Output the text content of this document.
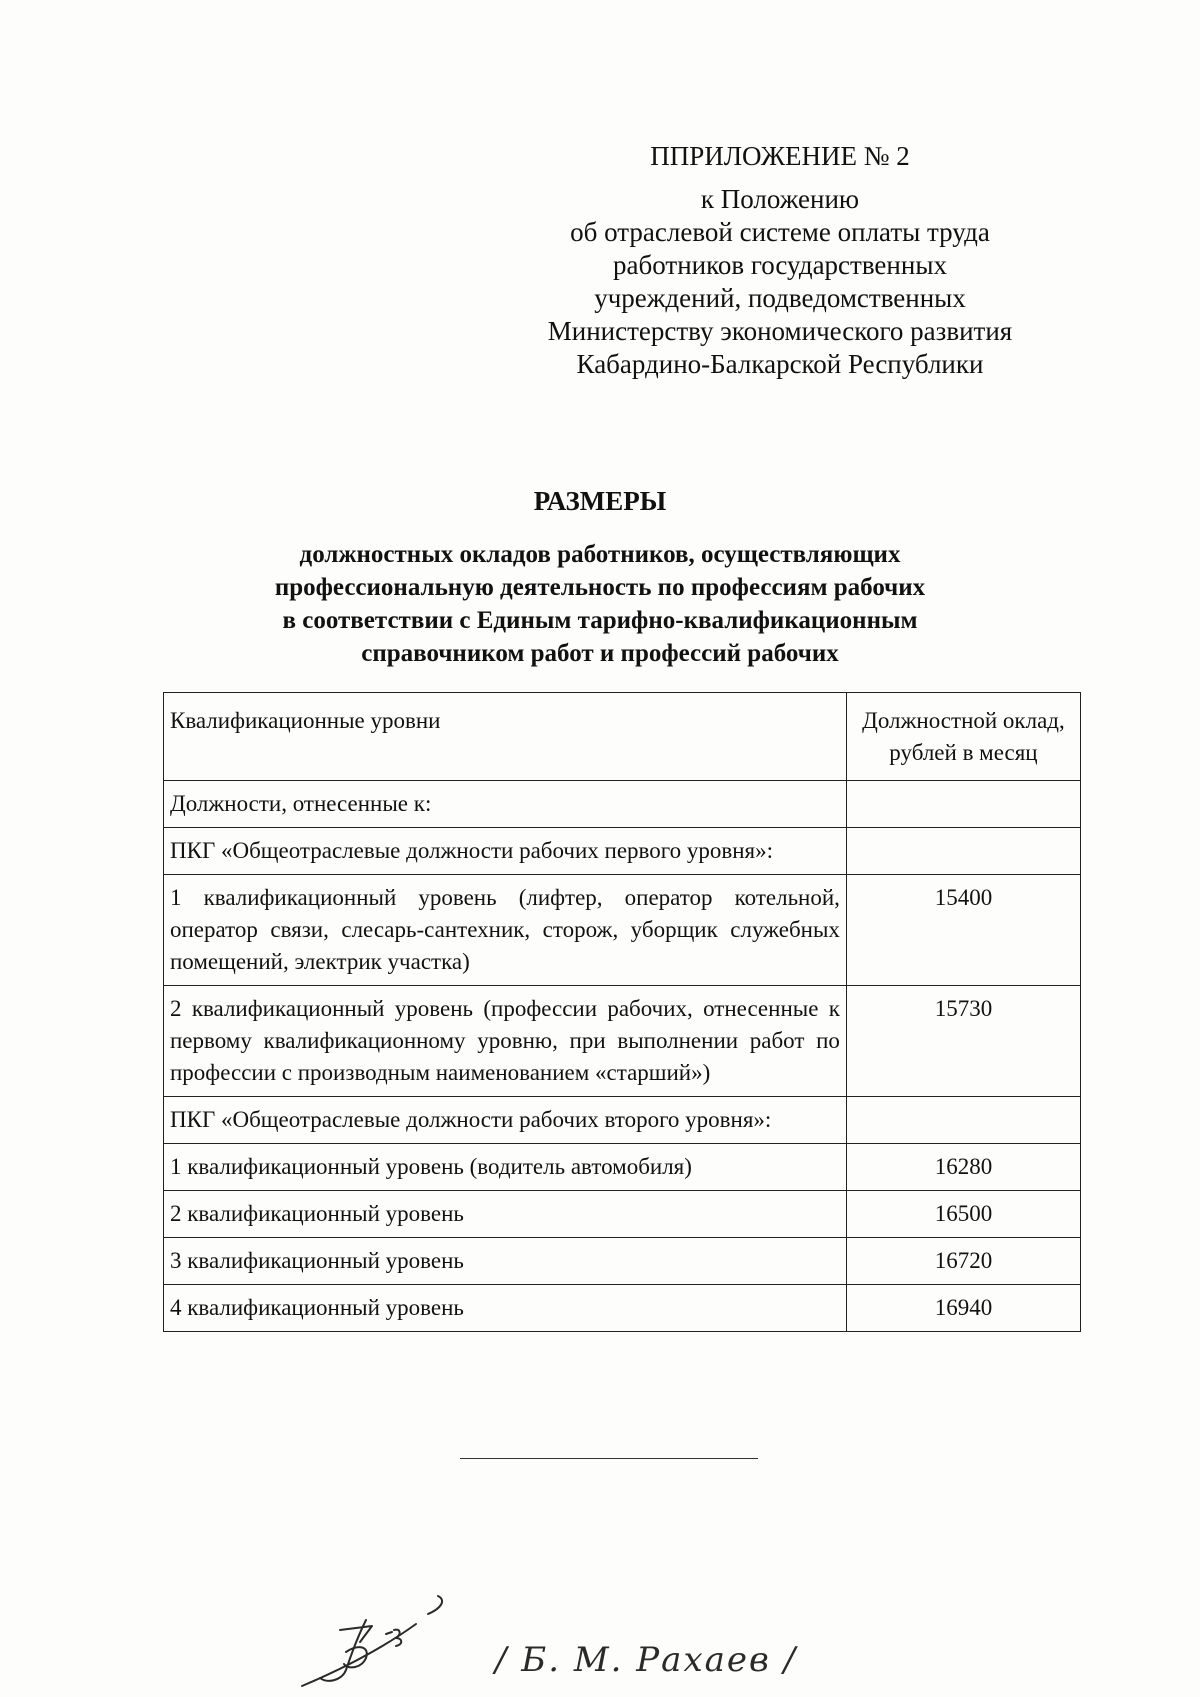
ППРИЛОЖЕНИЕ № 2
к Положению
об отраслевой системе оплаты труда
работников государственных
учреждений, подведомственных
Министерству экономического развития
Кабардино-Балкарской Республики
РАЗМЕРЫ
должностных окладов работников, осуществляющих
профессиональную деятельность по профессиям рабочих
в соответствии с Единым тарифно-квалификационным
справочником работ и профессий рабочих
Квалификационные уровни	Должностной оклад,
рублей в месяц
Должности, отнесенные к:	
ПКГ «Общеотраслевые должности рабочих первого уровня»:	
1 квалификационный уровень (лифтер, оператор котельной, оператор связи, слесарь-сантехник, сторож, уборщик служебных помещений, электрик участка)	15400
2 квалификационный уровень (профессии рабочих, отнесенные к первому квалификационному уровню, при выполнении работ по профессии с производным наименованием «старший»)	15730
ПКГ «Общеотраслевые должности рабочих второго уровня»:	
1 квалификационный уровень (водитель автомобиля)	16280
2 квалификационный уровень	16500
3 квалификационный уровень	16720
4 квалификационный уровень	16940
/ Б. М. Рахаев /
